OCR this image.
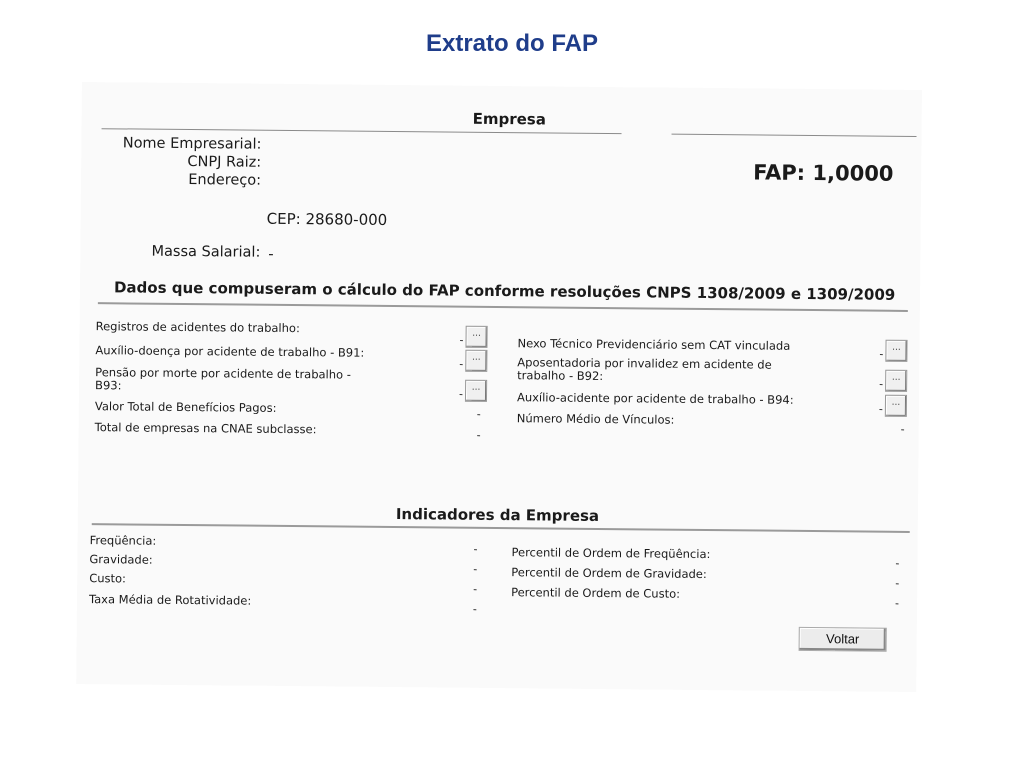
Extrato do FAP
Empresa
Nome Empresarial:
CNPJ Raiz:
Endereço:
CEP: 28680-000
Massa Salarial: -
FAP: 1,0000
Dados que compuseram o cálculo do FAP conforme resoluções CNPS 1308/2009 e 1309/2009
Registros de acidentes do trabalho:
- ...
Auxílio-doença por acidente de trabalho - B91:
- ...
Pensão por morte por acidente de trabalho -
B93:
- ...
Valor Total de Benefícios Pagos:	-
Total de empresas na CNAE subclasse:	-
Nexo Técnico Previdenciário sem CAT vinculada
- ...
Aposentadoria por invalidez em acidente de
trabalho - B92:
- ...
Auxílio-acidente por acidente de trabalho - B94:
- ...
Número Médio de Vínculos:
-
Indicadores da Empresa
Freqüência:
-
Gravidade:
-
Custo:
-
Taxa Média de Rotatividade:
-
Percentil de Ordem de Freqüência:
-
Percentil de Ordem de Gravidade:
-
Percentil de Ordem de Custo:
-
Voltar
